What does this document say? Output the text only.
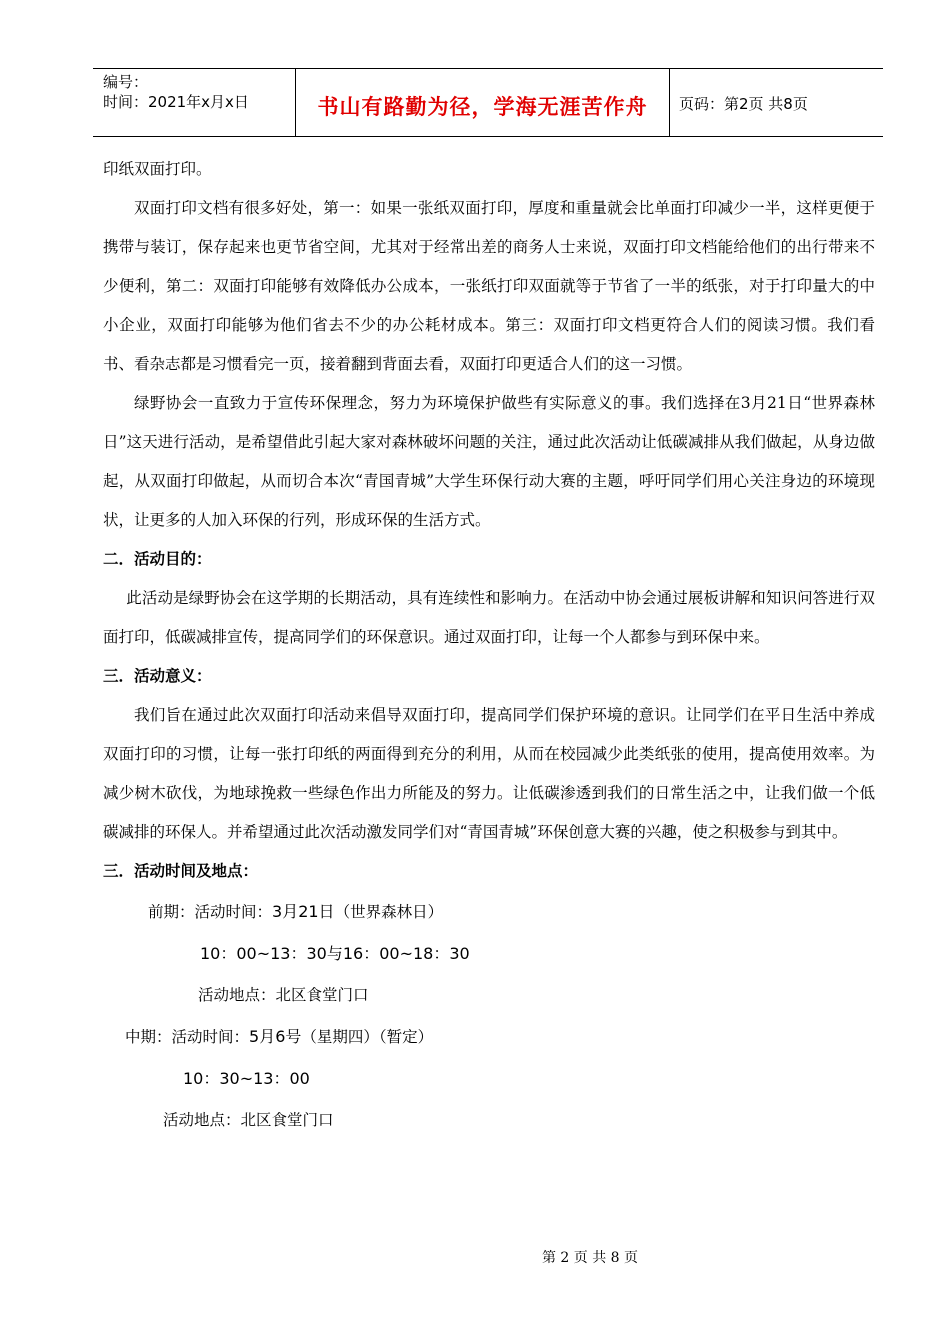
编号：
时间：2021年x月x日	书山有路勤为径，学海无涯苦作舟	页码：第2页 共8页

印纸双面打印。

双面打印文档有很多好处，第一：如果一张纸双面打印，厚度和重量就会比单面打印减少一半，这样更便于携带与装订，保存起来也更节省空间，尤其对于经常出差的商务人士来说，双面打印文档能给他们的出行带来不少便利，第二：双面打印能够有效降低办公成本，一张纸打印双面就等于节省了一半的纸张，对于打印量大的中小企业，双面打印能够为他们省去不少的办公耗材成本。第三：双面打印文档更符合人们的阅读习惯。我们看书、看杂志都是习惯看完一页，接着翻到背面去看，双面打印更适合人们的这一习惯。

绿野协会一直致力于宣传环保理念，努力为环境保护做些有实际意义的事。我们选择在3月21日“世界森林日”这天进行活动，是希望借此引起大家对森林破坏问题的关注，通过此次活动让低碳减排从我们做起，从身边做起，从双面打印做起，从而切合本次“青国青城”大学生环保行动大赛的主题，呼吁同学们用心关注身边的环境现状，让更多的人加入环保的行列，形成环保的生活方式。

二．活动目的：

此活动是绿野协会在这学期的长期活动，具有连续性和影响力。在活动中协会通过展板讲解和知识问答进行双面打印，低碳减排宣传，提高同学们的环保意识。通过双面打印，让每一个人都参与到环保中来。

三．活动意义：

我们旨在通过此次双面打印活动来倡导双面打印，提高同学们保护环境的意识。让同学们在平日生活中养成双面打印的习惯，让每一张打印纸的两面得到充分的利用，从而在校园减少此类纸张的使用，提高使用效率。为减少树木砍伐，为地球挽救一些绿色作出力所能及的努力。让低碳渗透到我们的日常生活之中，让我们做一个低碳减排的环保人。并希望通过此次活动激发同学们对“青国青城”环保创意大赛的兴趣，使之积极参与到其中。

三．活动时间及地点：
前期：活动时间：3月21日（世界森林日）
10：00~13：30与16：00~18：30
活动地点：北区食堂门口
中期：活动时间：5月6号（星期四）（暂定）
10：30~13：00
活动地点：北区食堂门口
第 2 页 共 8 页
